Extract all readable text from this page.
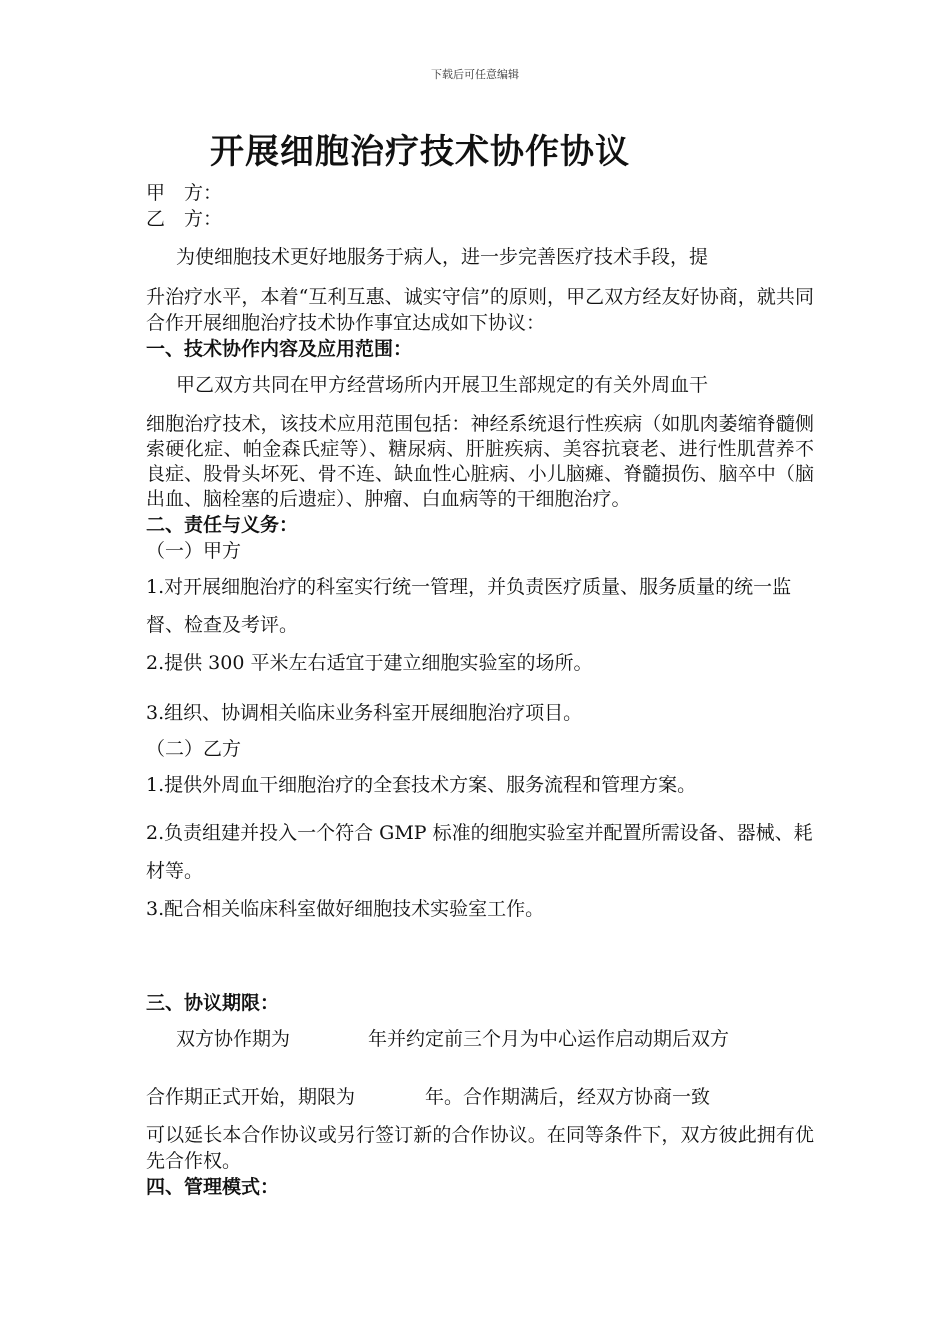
下载后可任意编辑
开展细胞治疗技术协作协议

甲　方：

乙　方：

为使细胞技术更好地服务于病人，进一步完善医疗技术手段，提
升治疗水平，本着“互利互惠、诚实守信”的原则，甲乙双方经友好协商，就共同合作开展细胞治疗技术协作事宜达成如下协议：

一、技术协作内容及应用范围：

甲乙双方共同在甲方经营场所内开展卫生部规定的有关外周血干
细胞治疗技术，该技术应用范围包括：神经系统退行性疾病（如肌肉萎缩脊髓侧索硬化症、帕金森氏症等）、糖尿病、肝脏疾病、美容抗衰老、进行性肌营养不良症、股骨头坏死、骨不连、缺血性心脏病、小儿脑瘫、脊髓损伤、脑卒中（脑出血、脑栓塞的后遗症）、肿瘤、白血病等的干细胞治疗。

二、责任与义务：

（一）甲方

1.对开展细胞治疗的科室实行统一管理，并负责医疗质量、服务质量的统一监督、检查及考评。

2.提供 300 平米左右适宜于建立细胞实验室的场所。

3.组织、协调相关临床业务科室开展细胞治疗项目。

（二）乙方

1.提供外周血干细胞治疗的全套技术方案、服务流程和管理方案。

2.负责组建并投入一个符合 GMP 标准的细胞实验室并配置所需设备、器械、耗材等。

3.配合相关临床科室做好细胞技术实验室工作。

三、协议期限：

双方协作期为	年并约定前三个月为中心运作启动期后双方
合作期正式开始，期限为	年。合作期满后，经双方协商一致
可以延长本合作协议或另行签订新的合作协议。在同等条件下，双方彼此拥有优先合作权。

四、管理模式：
